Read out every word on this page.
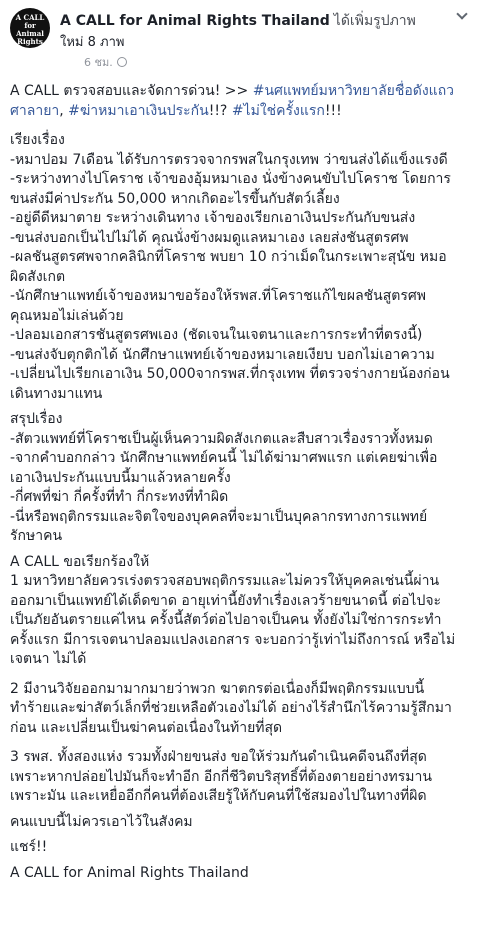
A CALL
for
Animal
Rights
A CALL for Animal Rights Thailand ได้เพิ่มรูปภาพ
ใหม่ 8 ภาพ
6 ชม.

A CALL ตรวจสอบและจัดการด่วน! >> #นศแพทย์มหาวิทยาลัยชื่อดังแถว
ศาลายา, #ฆ่าหมาเอาเงินประกัน!!? #ไม่ใช่ครั้งแรก!!!

เรียงเรื่อง

-หมาปอม 7เดือน ได้รับการตรวจจากรพสในกรุงเทพ ว่าขนส่งได้แข็งแรงดี

-ระหว่างทางไปโคราช เจ้าของอุ้มหมาเอง นั่งข้างคนขับไปโคราช โดยการ

ขนส่งมีค่าประกัน 50,000 หากเกิดอะไรขึ้นกับสัตว์เลี้ยง

-อยู่ดีดีหมาตาย ระหว่างเดินทาง เจ้าของเรียกเอาเงินประกันกับขนส่ง

-ขนส่งบอกเป็นไปไม่ได้ คุณนั่งข้างผมดูแลหมาเอง เลยส่งชันสูตรศพ

-ผลชันสูตรศพจากคลินิกที่โคราช พบยา 10 กว่าเม็ดในกระเพาะสุนัข หมอ

ผิดสังเกต

-นักศึกษาแพทย์เจ้าของหมาขอร้องให้รพส.ที่โคราชแก้ไขผลชันสูตรศพ

คุณหมอไม่เล่นด้วย

-ปลอมเอกสารชันสูตรศพเอง (ชัดเจนในเจตนาและการกระทำที่ตรงนี้)

-ขนส่งจับตุกติกได้ นักศึกษาแพทย์เจ้าของหมาเลยเงียบ บอกไม่เอาความ

-เปลี่ยนไปเรียกเอาเงิน 50,000จากรพส.ที่กรุงเทพ ที่ตรวจร่างกายน้องก่อน

เดินทางมาแทน

สรุปเรื่อง

-สัตวแพทย์ที่โคราชเป็นผู้เห็นความผิดสังเกตและสืบสาวเรื่องราวทั้งหมด

-จากคำบอกกล่าว นักศึกษาแพทย์คนนี้ ไม่ได้ฆ่ามาศพแรก แต่เคยฆ่าเพื่อ

เอาเงินประกันแบบนี้มาแล้วหลายครั้ง

-กี่ศพที่ฆ่า กี่ครั้งที่ทำ กี่กระทงที่ทำผิด

-นี่หรือพฤติกรรมและจิตใจของบุคคลที่จะมาเป็นบุคลากรทางการแพทย์

รักษาคน

A CALL ขอเรียกร้องให้

1 มหาวิทยาลัยควรเร่งตรวจสอบพฤติกรรมและไม่ควรให้บุคคลเช่นนี้ผ่าน

ออกมาเป็นแพทย์ได้เด็ดขาด อายุเท่านี้ยังทำเรื่องเลวร้ายขนาดนี้ ต่อไปจะ

เป็นภัยอันตรายแค่ไหน ครั้งนี้สัตว์ต่อไปอาจเป็นคน ทั้งยังไม่ใช่การกระทำ

ครั้งแรก มีการเจตนาปลอมแปลงเอกสาร จะบอกว่ารู้เท่าไม่ถึงการณ์ หรือไม่

เจตนา ไม่ได้

2 มีงานวิจัยออกมามากมายว่าพวก ฆาตกรต่อเนื่องก็มีพฤติกรรมแบบนี้

ทำร้ายและฆ่าสัตว์เล็กที่ช่วยเหลือตัวเองไม่ได้ อย่างไร้สำนึกไร้ความรู้สึกมา

ก่อน และเปลี่ยนเป็นฆ่าคนต่อเนื่องในท้ายที่สุด

3 รพส. ทั้งสองแห่ง รวมทั้งฝ่ายขนส่ง ขอให้ร่วมกันดำเนินคดีจนถึงที่สุด

เพราะหากปล่อยไปมันก็จะทำอีก อีกกี่ชีวิตบริสุทธิ์ที่ต้องตายอย่างทรมาน

เพราะมัน และเหยื่ออีกกี่คนที่ต้องเสียรู้ให้กับคนที่ใช้สมองไปในทางที่ผิด

คนแบบนี้ไม่ควรเอาไว้ในสังคม

แชร์!!

A CALL for Animal Rights Thailand
